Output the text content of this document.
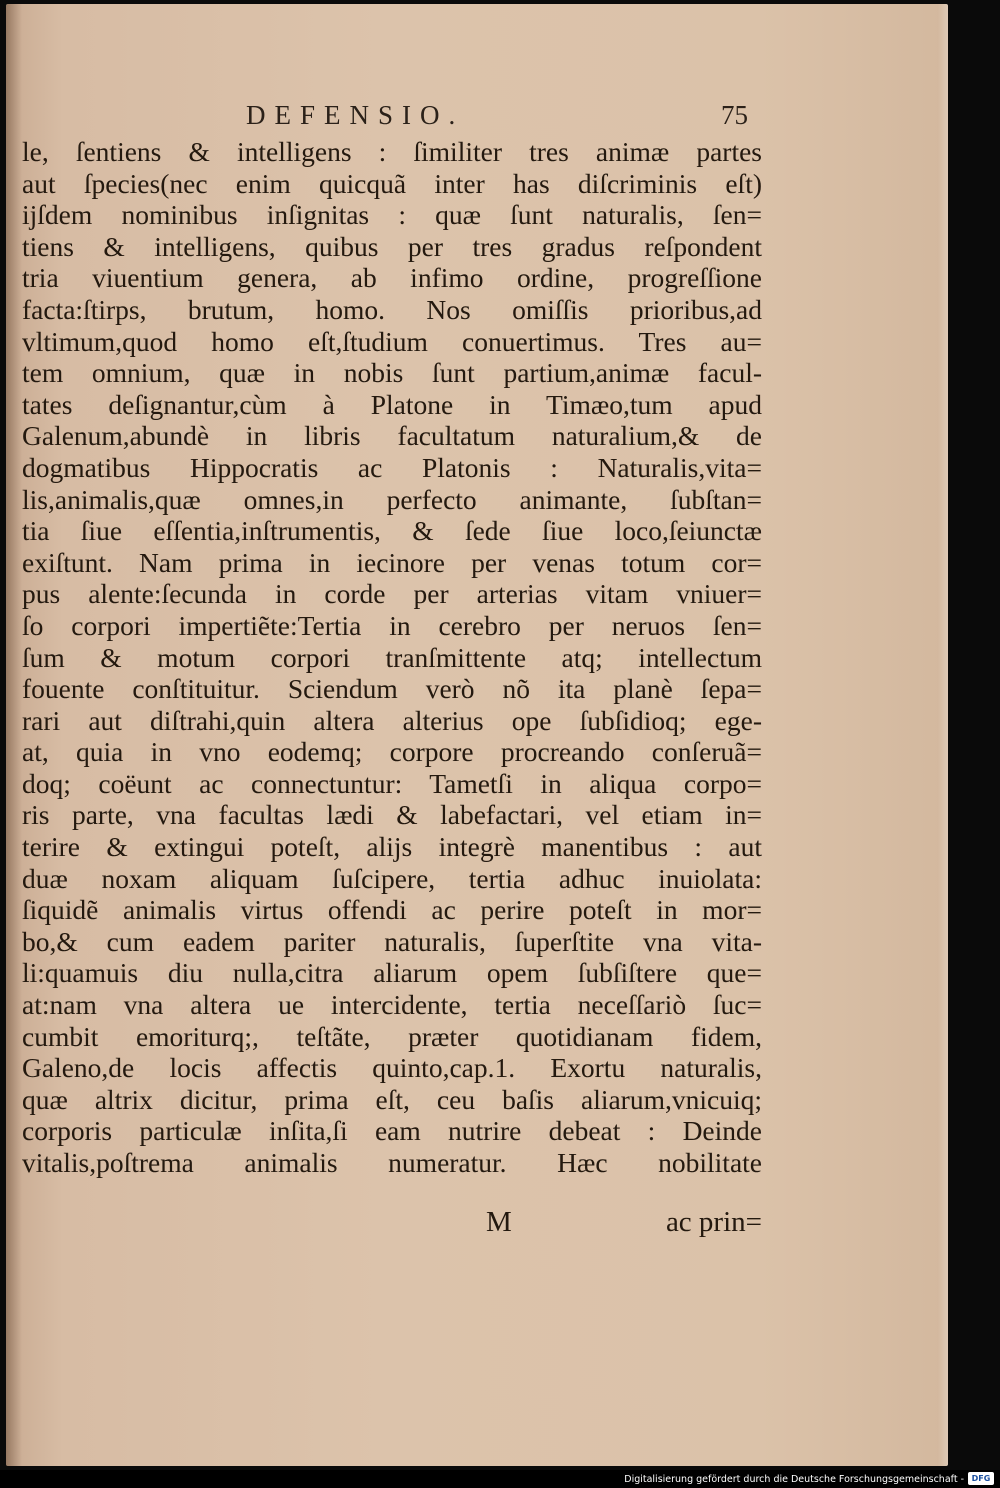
DEFENSIO.	75
le, ſentiens & intelligens : ſimiliter tres animæ partes
aut ſpecies(nec enim quicquã inter has diſcriminis eſt)
ijſdem nominibus inſignitas : quæ ſunt naturalis, ſen=
tiens & intelligens, quibus per tres gradus reſpondent
tria viuentium genera, ab infimo ordine, progreſſione
facta:ſtirps, brutum, homo. Nos omiſſis prioribus,ad
vltimum,quod homo eſt,ſtudium conuertimus. Tres au=
tem omnium, quæ in nobis ſunt partium,animæ facul-
tates deſignantur,cùm à Platone in Timæo,tum apud
Galenum,abundè in libris facultatum naturalium,& de
dogmatibus Hippocratis ac Platonis : Naturalis,vita=
lis,animalis,quæ omnes,in perfecto animante, ſubſtan=
tia ſiue eſſentia,inſtrumentis, & ſede ſiue loco,ſeiunctæ
exiſtunt. Nam prima in iecinore per venas totum cor=
pus alente:ſecunda in corde per arterias vitam vniuer=
ſo corpori impertiẽte:Tertia in cerebro per neruos ſen=
ſum & motum corpori tranſmittente atq; intellectum
fouente conſtituitur. Sciendum verò nõ ita planè ſepa=
rari aut diſtrahi,quin altera alterius ope ſubſidioq; ege-
at, quia in vno eodemq; corpore procreando conſeruã=
doq; coëunt ac connectuntur: Tametſi in aliqua corpo=
ris parte, vna facultas lædi & labefactari, vel etiam in=
terire & extingui poteſt, alijs integrè manentibus : aut
duæ noxam aliquam ſuſcipere, tertia adhuc inuiolata:
ſiquidẽ animalis virtus offendi ac perire poteſt in mor=
bo,& cum eadem pariter naturalis, ſuperſtite vna vita-
li:quamuis diu nulla,citra aliarum opem ſubſiſtere que=
at:nam vna altera ue intercidente, tertia neceſſariò ſuc=
cumbit emoriturq;, teſtãte, præter quotidianam fidem,
Galeno,de locis affectis quinto,cap.1. Exortu naturalis,
quæ altrix dicitur, prima eſt, ceu baſis aliarum,vnicuiq;
corporis particulæ inſita,ſi eam nutrire debeat : Deinde
vitalis,poſtrema animalis numeratur. Hæc nobilitate
M	ac prin=
Digitalisierung gefördert durch die Deutsche Forschungsgemeinschaft - DFG
